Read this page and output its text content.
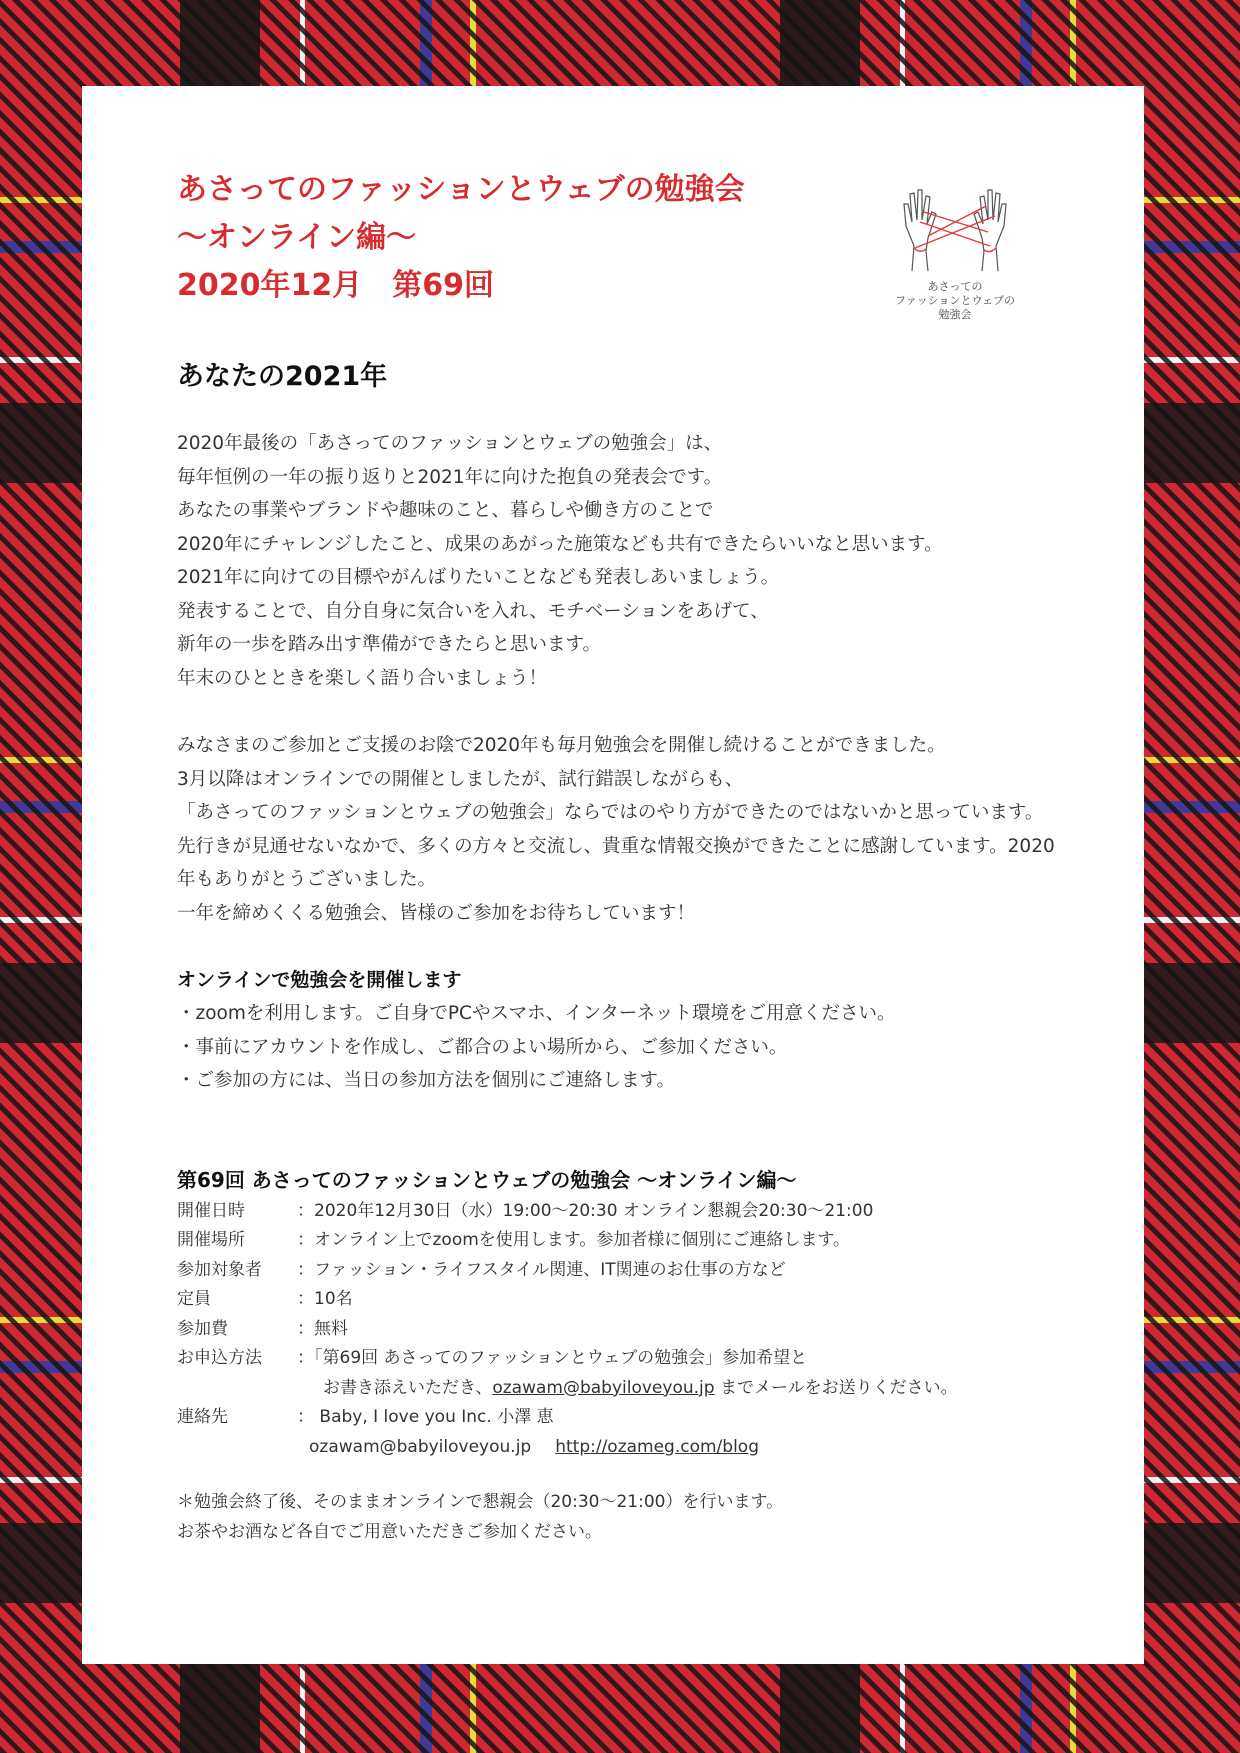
あさっての
ファッションとウェブの
勉強会
あさってのファッションとウェブの勉強会
〜オンライン編〜
2020年12月　第69回
あなたの2021年

2020年最後の「あさってのファッションとウェブの勉強会」は、

毎年恒例の一年の振り返りと2021年に向けた抱負の発表会です。

あなたの事業やブランドや趣味のこと、暮らしや働き方のことで

2020年にチャレンジしたこと、成果のあがった施策なども共有できたらいいなと思います。

2021年に向けての目標やがんばりたいことなども発表しあいましょう。

発表することで、自分自身に気合いを入れ、モチベーションをあげて、

新年の一歩を踏み出す準備ができたらと思います。

年末のひとときを楽しく語り合いましょう！

みなさまのご参加とご支援のお陰で2020年も毎月勉強会を開催し続けることができました。

3月以降はオンラインでの開催としましたが、試行錯誤しながらも、

「あさってのファッションとウェブの勉強会」ならではのやり方ができたのではないかと思っています。

先行きが見通せないなかで、多くの方々と交流し、貴重な情報交換ができたことに感謝しています。2020年もありがとうございました。

一年を締めくくる勉強会、皆様のご参加をお待ちしています！

オンラインで勉強会を開催します

・ zoomを利用します。ご自身でPCやスマホ、インターネット環境をご用意ください。
・ 事前にアカウントを作成し、ご都合のよい場所から、ご参加ください。
・ ご参加の方には、当日の参加方法を個別にご連絡します。
第69回 あさってのファッションとウェブの勉強会 〜オンライン編〜
開催日時	：2020年12月30日（水）19:00〜20:30 オンライン懇親会20:30〜21:00
開催場所	：オンライン上でzoomを使用します。参加者様に個別にご連絡します。
参加対象者	：ファッション・ライフスタイル関連、IT関連のお仕事の方など
定員	：10名
参加費	：無料
お申込方法	：「第69回 あさってのファッションとウェブの勉強会」参加希望と
お書き添えいただき、ozawam@babyiloveyou.jp までメールをお送りください。

連絡先	： Baby, I love you Inc. 小澤 恵
ozawam@babyiloveyou.jp http://ozameg.com/blog
＊勉強会終了後、そのままオンラインで懇親会（20:30〜21:00）を行います。
お茶やお酒など各自でご用意いただきご参加ください。
